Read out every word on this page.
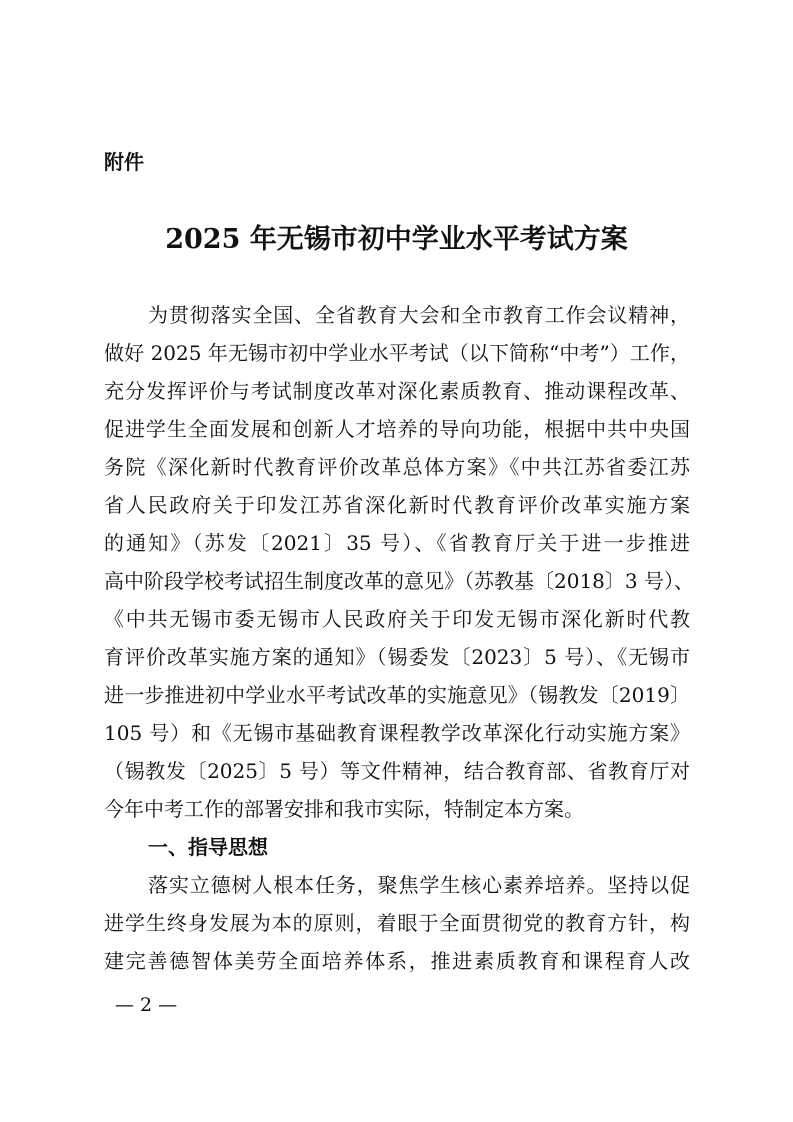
附件
2025 年无锡市初中学业水平考试方案
为贯彻落实全国、全省教育大会和全市教育工作会议精神，
做好 2025 年无锡市初中学业水平考试（以下简称“中考”）工作，
充分发挥评价与考试制度改革对深化素质教育、推动课程改革、
促进学生全面发展和创新人才培养的导向功能，根据中共中央国
务院《深化新时代教育评价改革总体方案》《中共江苏省委江苏
省人民政府关于印发江苏省深化新时代教育评价改革实施方案
的通知》（苏发〔2021〕35 号）、《省教育厅关于进一步推进
高中阶段学校考试招生制度改革的意见》（苏教基〔2018〕3 号）、
《中共无锡市委无锡市人民政府关于印发无锡市深化新时代教
育评价改革实施方案的通知》（锡委发〔2023〕5 号）、《无锡市
进一步推进初中学业水平考试改革的实施意见》（锡教发〔2019〕
105 号）和《无锡市基础教育课程教学改革深化行动实施方案》
（锡教发〔2025〕5 号）等文件精神，结合教育部、省教育厅对
今年中考工作的部署安排和我市实际，特制定本方案。
一、指导思想
落实立德树人根本任务，聚焦学生核心素养培养。坚持以促
进学生终身发展为本的原则，着眼于全面贯彻党的教育方针，构
建完善德智体美劳全面培养体系，推进素质教育和课程育人改
— 2 —
